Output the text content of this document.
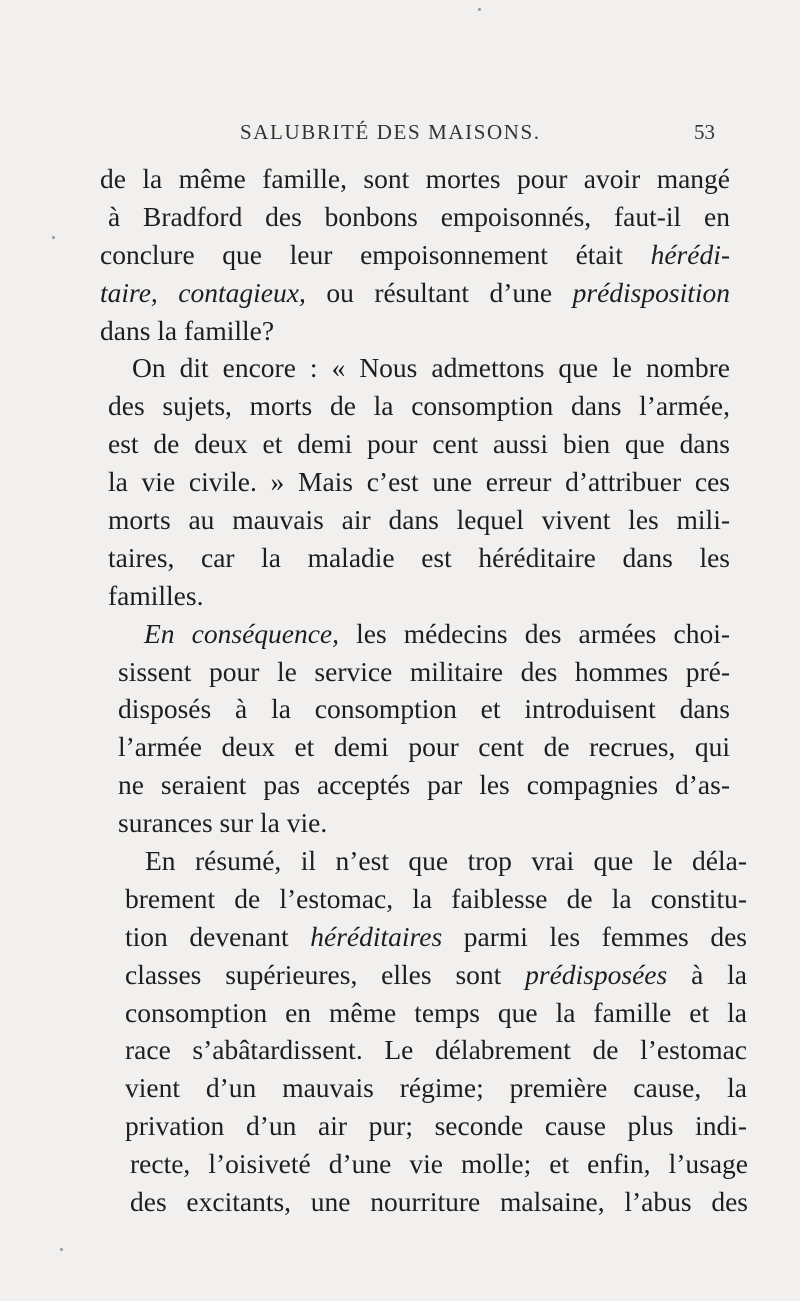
SALUBRITÉ DES MAISONS.	53
de la même famille, sont mortes pour avoir mangé
à Bradford des bonbons empoisonnés, faut-il en
conclure que leur empoisonnement était hérédi-
taire, contagieux, ou résultant d’une prédisposition
dans la famille?
On dit encore : « Nous admettons que le nombre
des sujets, morts de la consomption dans l’armée,
est de deux et demi pour cent aussi bien que dans
la vie civile. » Mais c’est une erreur d’attribuer ces
morts au mauvais air dans lequel vivent les mili-
taires, car la maladie est héréditaire dans les
familles.
En conséquence, les médecins des armées choi-
sissent pour le service militaire des hommes pré-
disposés à la consomption et introduisent dans
l’armée deux et demi pour cent de recrues, qui
ne seraient pas acceptés par les compagnies d’as-
surances sur la vie.
En résumé, il n’est que trop vrai que le déla-
brement de l’estomac, la faiblesse de la constitu-
tion devenant héréditaires parmi les femmes des
classes supérieures, elles sont prédisposées à la
consomption en même temps que la famille et la
race s’abâtardissent. Le délabrement de l’estomac
vient d’un mauvais régime; première cause, la
privation d’un air pur; seconde cause plus indi-
recte, l’oisiveté d’une vie molle; et enfin, l’usage
des excitants, une nourriture malsaine, l’abus des
